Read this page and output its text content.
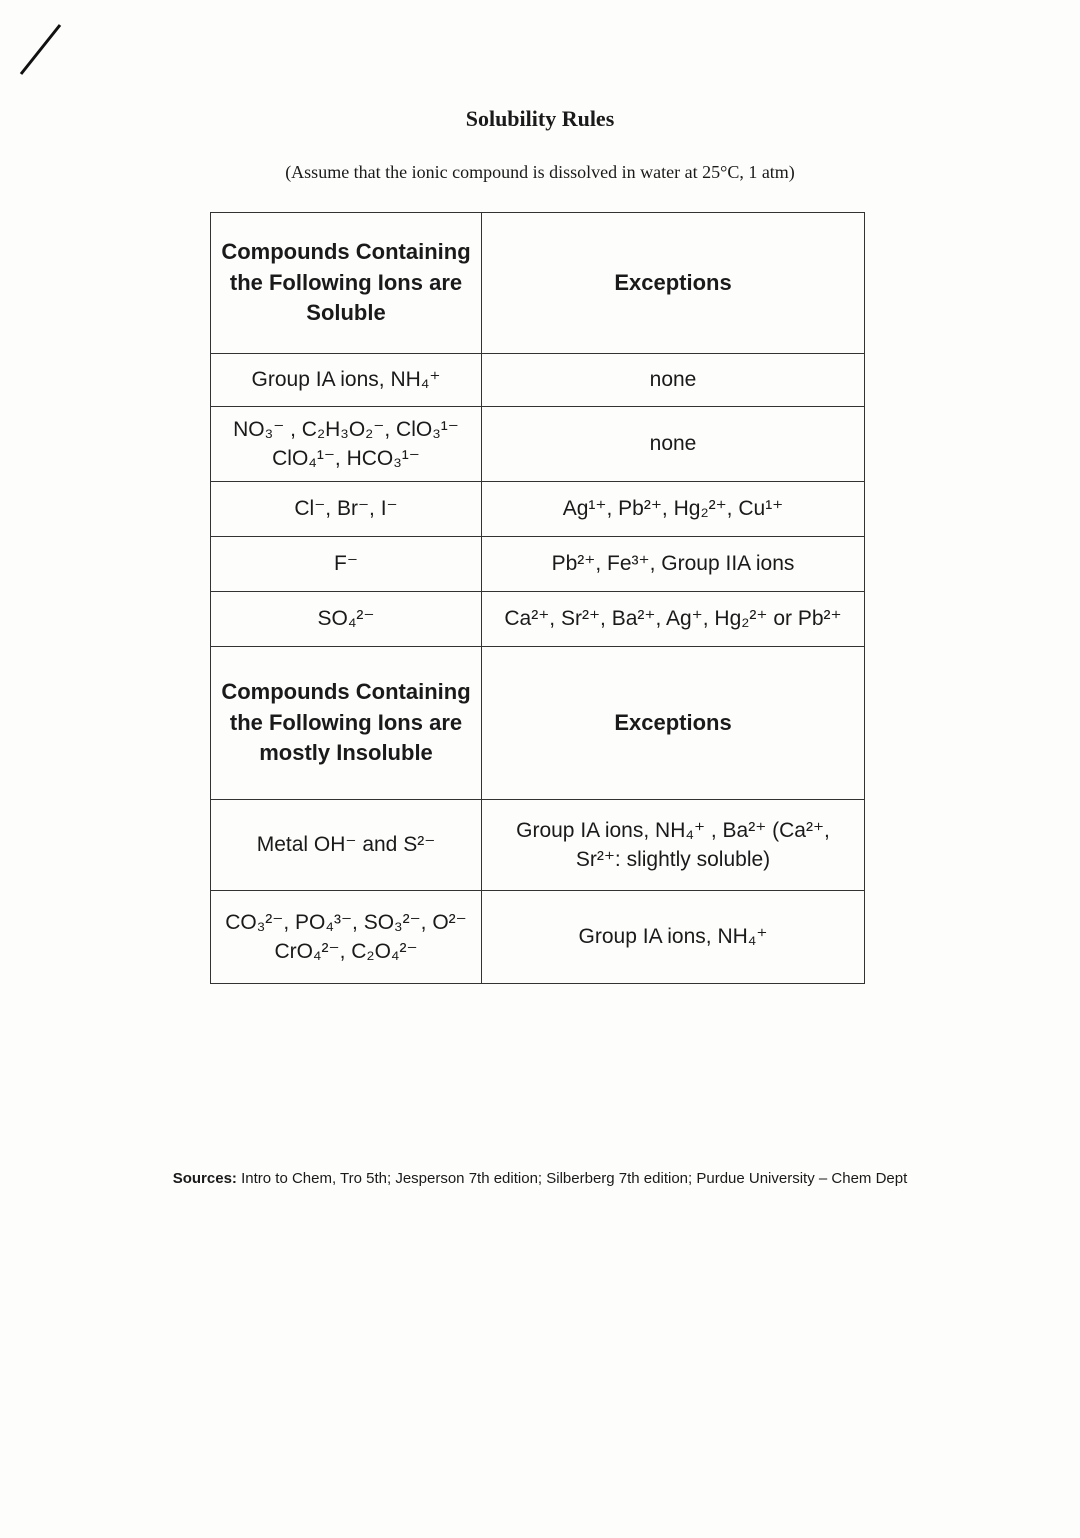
Solubility Rules
(Assume that the ionic compound is dissolved in water at 25°C, 1 atm)
Compounds Containing the Following Ions are Soluble	Exceptions
Group IA ions, NH₄⁺	none
NO₃⁻ , C₂H₃O₂⁻, ClO₃¹⁻ ClO₄¹⁻, HCO₃¹⁻	none
Cl⁻, Br⁻, I⁻	Ag¹⁺, Pb²⁺, Hg₂²⁺, Cu¹⁺
F⁻	Pb²⁺, Fe³⁺, Group IIA ions
SO₄²⁻	Ca²⁺, Sr²⁺, Ba²⁺, Ag⁺, Hg₂²⁺ or Pb²⁺
Compounds Containing the Following Ions are mostly Insoluble	Exceptions
Metal OH⁻ and S²⁻	Group IA ions, NH₄⁺ , Ba²⁺ (Ca²⁺, Sr²⁺: slightly soluble)
CO₃²⁻, PO₄³⁻, SO₃²⁻, O²⁻ CrO₄²⁻, C₂O₄²⁻	Group IA ions, NH₄⁺
Sources: Intro to Chem, Tro 5th; Jesperson 7th edition; Silberberg 7th edition; Purdue University – Chem Dept
